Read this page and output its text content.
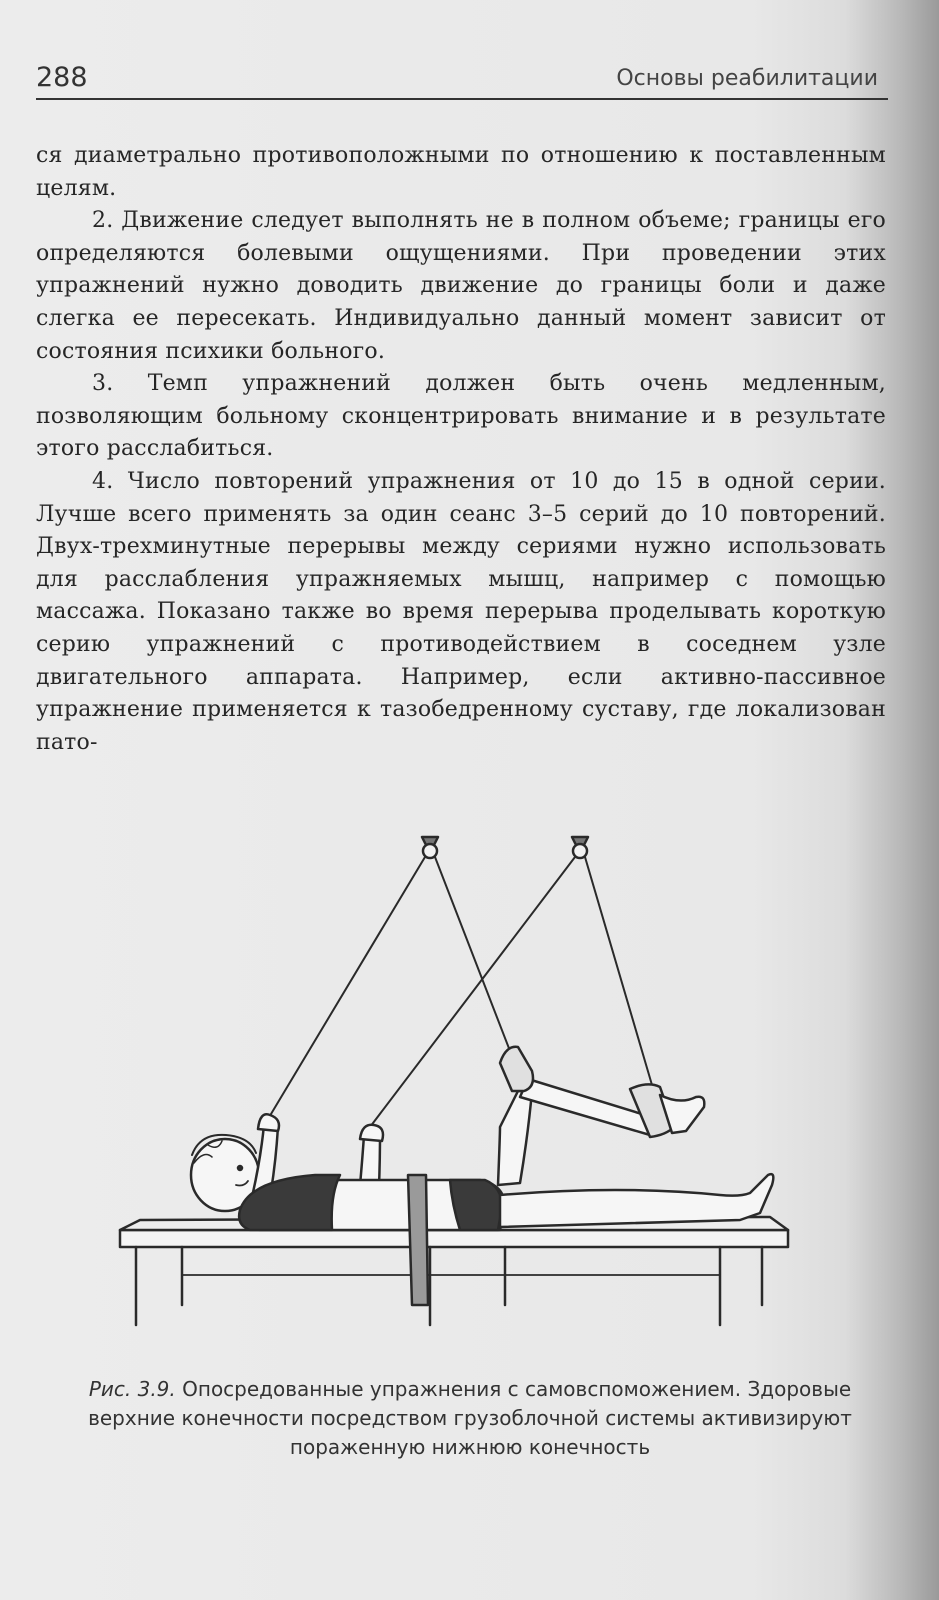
288	Основы реабилитации

ся диаметрально противоположными по отношению к поставленным целям.

2. Движение следует выполнять не в полном объеме; границы его определяются болевыми ощущениями. При проведении этих упражнений нужно доводить движение до границы боли и даже слегка ее пересекать. Индивидуально данный момент зависит от состояния психики больного.

3. Темп упражнений должен быть очень медленным, позволяющим больному сконцентрировать внимание и в результате этого расслабиться.

4. Число повторений упражнения от 10 до 15 в одной серии. Лучше всего применять за один сеанс 3–5 серий до 10 повторений. Двух-трехминутные перерывы между сериями нужно использовать для расслабления упражняемых мышц, например с помощью массажа. Показано также во время перерыва проделывать короткую серию упражнений с противодействием в соседнем узле двигательного аппарата. Например, если активно-пассивное упражнение применяется к тазобедренному суставу, где локализован пато-

Рис. 3.9. Опосредованные упражнения с самовспоможением. Здоровые верхние конечности посредством грузоблочной системы активизируют пораженную нижнюю конечность
